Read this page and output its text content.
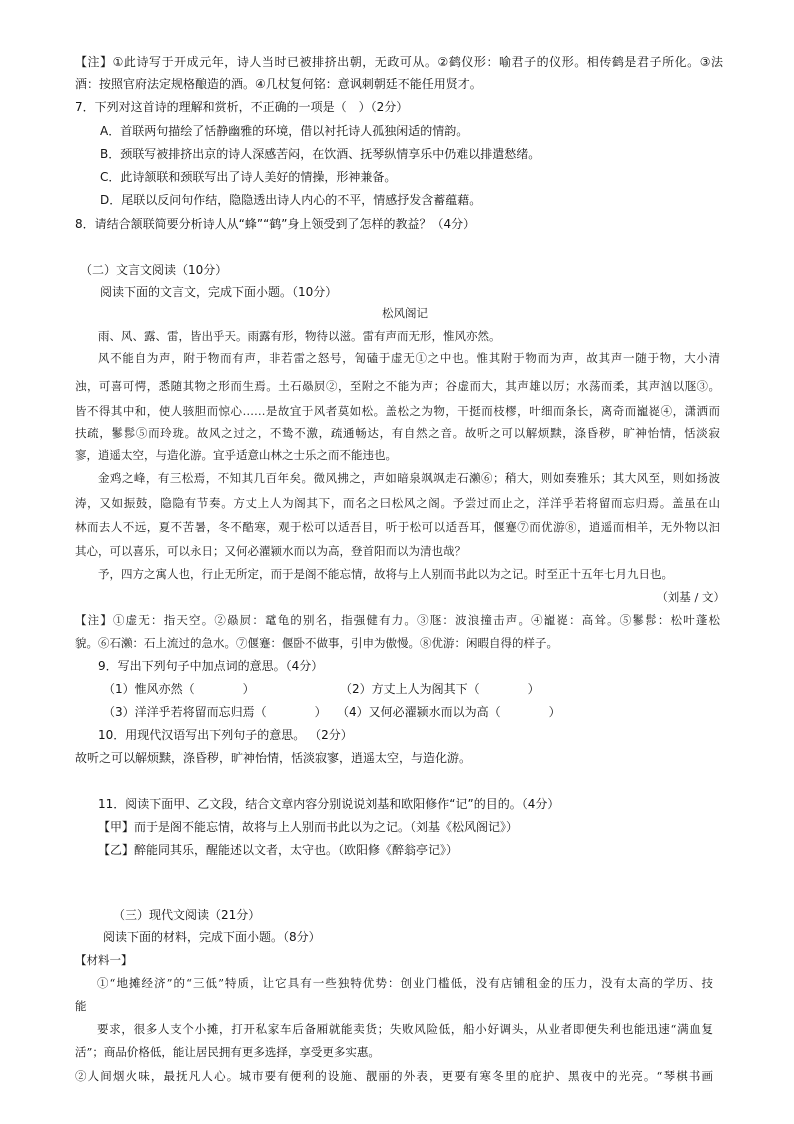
【注】①此诗写于开成元年，诗人当时已被排挤出朝，无政可从。②鹤仪形：喻君子的仪形。相传鹤是君子所化。③法
酒：按照官府法定规格酿造的酒。④几杖复何铭：意讽刺朝廷不能任用贤才。
7．下列对这首诗的理解和赏析，不正确的一项是（　）（2分）
A．首联两句描绘了恬静幽雅的环境，借以衬托诗人孤独闲适的情韵。
B．颈联写被排挤出京的诗人深感苦闷，在饮酒、抚琴纵情享乐中仍难以排遣愁绪。
C．此诗颔联和颈联写出了诗人美好的情操，形神兼备。
D．尾联以反问句作结，隐隐透出诗人内心的不平，情感抒发含蓄蕴藉。
8．请结合颔联简要分析诗人从“蜂”“鹤”身上领受到了怎样的教益？（4分）
（二）文言文阅读（10分）
阅读下面的文言文，完成下面小题。（10分）
松风阁记
雨、风、露、雷，皆出乎天。雨露有形，物待以滋。雷有声而无形，惟风亦然。
风不能自为声，附于物而有声，非若雷之怒号，訇磕于虚无①之中也。惟其附于物而为声，故其声一随于物，大小清
浊，可喜可愕，悉随其物之形而生焉。土石赑屃②，至附之不能为声；谷虚而大，其声雄以厉；水荡而柔，其声汹以豗③。
皆不得其中和，使人骇胆而惊心……是故宜于风者莫如松。盖松之为物，干挺而枝樛，叶细而条长，离奇而巃嵸④，潇洒而
扶疏，鬖髿⑤而玲珑。故风之过之，不鸷不激，疏通畅达，有自然之音。故听之可以解烦黩，涤昏秽，旷神怡情，恬淡寂
寥，逍遥太空，与造化游。宜乎适意山林之士乐之而不能违也。
金鸡之峰，有三松焉，不知其几百年矣。微风拂之，声如暗泉飒飒走石濑⑥；稍大，则如奏雅乐；其大风至，则如扬波
涛，又如振鼓，隐隐有节奏。方丈上人为阁其下，而名之曰松风之阁。予尝过而止之，洋洋乎若将留而忘归焉。盖虽在山
林而去人不远，夏不苦暑，冬不酷寒，观于松可以适吾目，听于松可以适吾耳，偃蹇⑦而优游⑧，逍遥而相羊，无外物以汩
其心，可以喜乐，可以永日；又何必濯颍水而以为高，登首阳而以为清也哉？
予，四方之寓人也，行止无所定，而于是阁不能忘情，故将与上人别而书此以为之记。时至正十五年七月九日也。
（刘基 / 文）
【注】①虚无：指天空。②赑屃：鼋龟的别名，指强健有力。③豗：波浪撞击声。④巃嵸：高耸。⑤鬖髿：松叶蓬松
貌。⑥石濑：石上流过的急水。⑦偃蹇：偃卧不做事，引申为傲慢。⑧优游：闲暇自得的样子。
9．写出下列句子中加点词的意思。（4分）
（1）惟风亦然（　　　　）	（2）方丈上人为阁其下（　　　　）
（3）洋洋乎若将留而忘归焉（　　　　） （4）又何必濯颍水而以为高（　　　　）
10．用现代汉语写出下列句子的意思。 （2分）
故听之可以解烦黩，涤昏秽，旷神怡情，恬淡寂寥，逍遥太空，与造化游。
11．阅读下面甲、乙文段，结合文章内容分别说说刘基和欧阳修作“记”的目的。（4分）
【甲】而于是阁不能忘情，故将与上人别而书此以为之记。（刘基《松风阁记》）
【乙】醉能同其乐，醒能述以文者，太守也。（欧阳修《醉翁亭记》）
（三）现代文阅读（21分）
阅读下面的材料，完成下面小题。（8分）
【材料一】
①“地摊经济”的“三低”特质，让它具有一些独特优势：创业门槛低，没有店铺租金的压力，没有太高的学历、技
能
要求，很多人支个小摊，打开私家车后备厢就能卖货；失败风险低，船小好调头，从业者即便失利也能迅速“满血复
活”；商品价格低，能让居民拥有更多选择，享受更多实惠。
②人间烟火味，最抚凡人心。城市要有便利的设施、靓丽的外表，更要有寒冬里的庇护、黑夜中的光亮。“琴棋书画
